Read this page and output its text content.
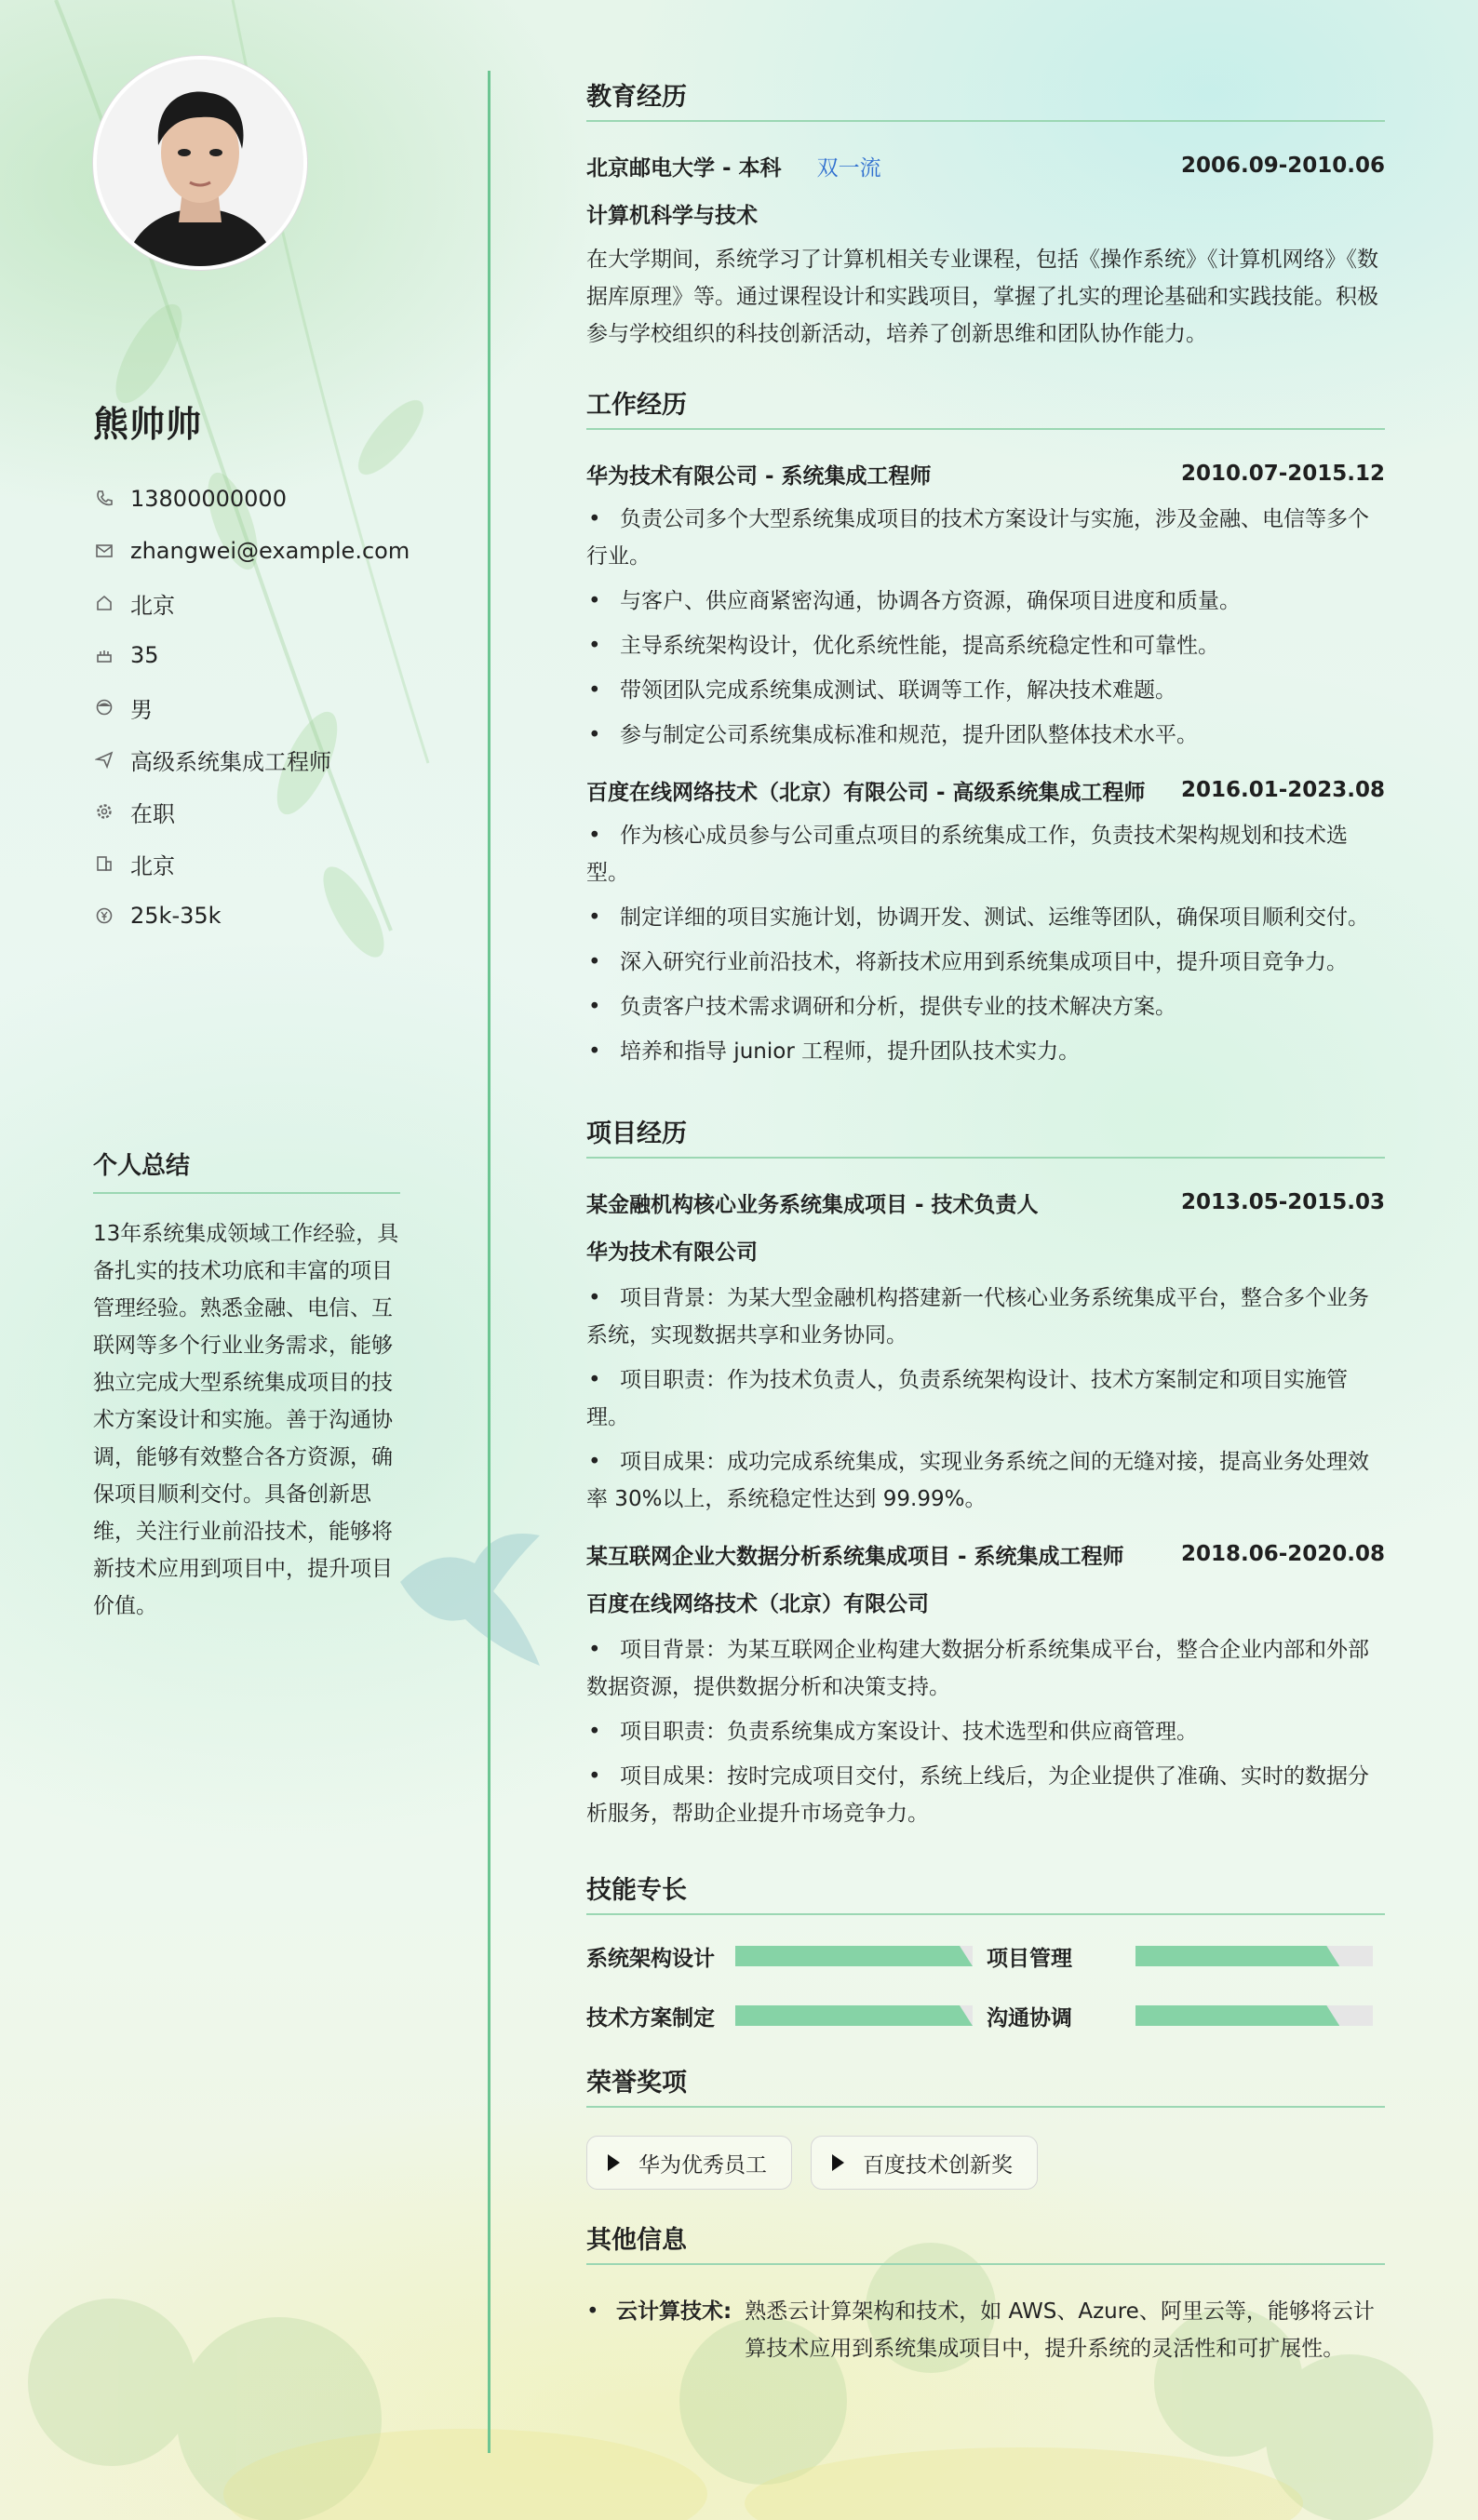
熊帅帅
13800000000
zhangwei@example.com
北京
35
男
高级系统集成工程师
在职
北京
25k-35k
个人总结
13年系统集成领域工作经验，具备扎实的技术功底和丰富的项目管理经验。熟悉金融、电信、互联网等多个行业业务需求，能够独立完成大型系统集成项目的技术方案设计和实施。善于沟通协调，能够有效整合各方资源，确保项目顺利交付。具备创新思维，关注行业前沿技术，能够将新技术应用到项目中，提升项目价值。
教育经历
北京邮电大学 - 本科 双一流	2006.09-2010.06
计算机科学与技术
在大学期间，系统学习了计算机相关专业课程，包括《操作系统》《计算机网络》《数据库原理》等。通过课程设计和实践项目，掌握了扎实的理论基础和实践技能。积极参与学校组织的科技创新活动，培养了创新思维和团队协作能力。
工作经历
华为技术有限公司 - 系统集成工程师	2010.07-2015.12
• 负责公司多个大型系统集成项目的技术方案设计与实施，涉及金融、电信等多个行业。
• 与客户、供应商紧密沟通，协调各方资源，确保项目进度和质量。
• 主导系统架构设计，优化系统性能，提高系统稳定性和可靠性。
• 带领团队完成系统集成测试、联调等工作，解决技术难题。
• 参与制定公司系统集成标准和规范，提升团队整体技术水平。
百度在线网络技术（北京）有限公司 - 高级系统集成工程师 2016.01-2023.08
• 作为核心成员参与公司重点项目的系统集成工作，负责技术架构规划和技术选型。
• 制定详细的项目实施计划，协调开发、测试、运维等团队，确保项目顺利交付。
• 深入研究行业前沿技术，将新技术应用到系统集成项目中，提升项目竞争力。
• 负责客户技术需求调研和分析，提供专业的技术解决方案。
• 培养和指导 junior 工程师，提升团队技术实力。
项目经历
某金融机构核心业务系统集成项目 - 技术负责人	2013.05-2015.03
华为技术有限公司
• 项目背景：为某大型金融机构搭建新一代核心业务系统集成平台，整合多个业务系统，实现数据共享和业务协同。
• 项目职责：作为技术负责人，负责系统架构设计、技术方案制定和项目实施管理。
• 项目成果：成功完成系统集成，实现业务系统之间的无缝对接，提高业务处理效率 30%以上，系统稳定性达到 99.99%。
某互联网企业大数据分析系统集成项目 - 系统集成工程师	2018.06-2020.08
百度在线网络技术（北京）有限公司
• 项目背景：为某互联网企业构建大数据分析系统集成平台，整合企业内部和外部数据资源，提供数据分析和决策支持。
• 项目职责：负责系统集成方案设计、技术选型和供应商管理。
• 项目成果：按时完成项目交付，系统上线后，为企业提供了准确、实时的数据分析服务，帮助企业提升市场竞争力。
技能专长
系统架构设计	项目管理
技术方案制定	沟通协调
荣誉奖项
华为优秀员工	百度技术创新奖
其他信息
• 云计算技术: 熟悉云计算架构和技术，如 AWS、Azure、阿里云等，能够将云计算技术应用到系统集成项目中，提升系统的灵活性和可扩展性。
